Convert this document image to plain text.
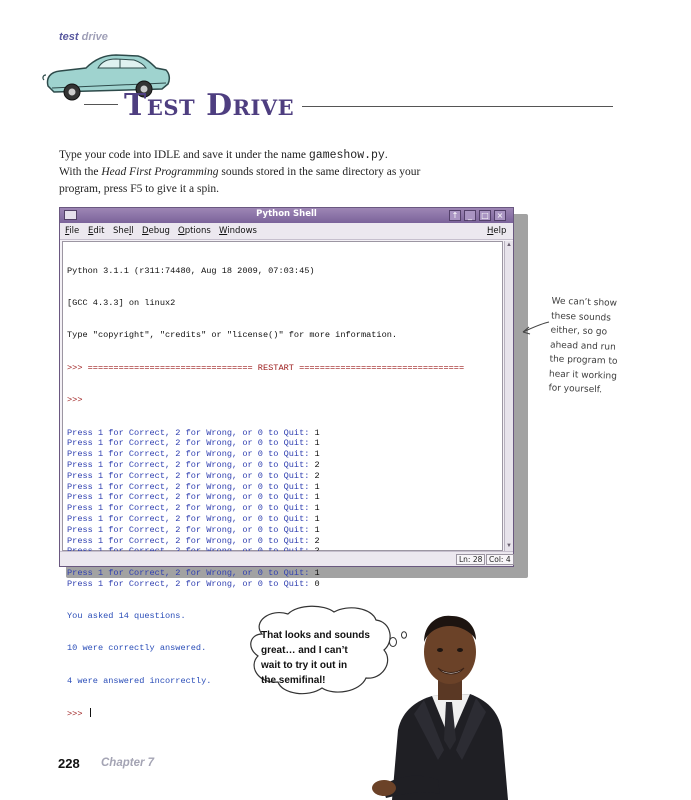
test drive
Test Drive

Type your code into IDLE and save it under the name gameshow.py.
With the Head First Programming sounds stored in the same directory as your
program, press F5 to give it a spin.

Python Shell	↑	_	□ ×
File Edit Shell Debug Options Windows	Help

Python 3.1.1 (r311:74480, Aug 18 2009, 07:03:45)

[GCC 4.3.3] on linux2

Type "copyright", "credits" or "license()" for more information.

>>> ================================ RESTART ================================

>>>

Press 1 for Correct, 2 for Wrong, or 0 to Quit: 1
Press 1 for Correct, 2 for Wrong, or 0 to Quit: 1
Press 1 for Correct, 2 for Wrong, or 0 to Quit: 1
Press 1 for Correct, 2 for Wrong, or 0 to Quit: 2
Press 1 for Correct, 2 for Wrong, or 0 to Quit: 2
Press 1 for Correct, 2 for Wrong, or 0 to Quit: 1
Press 1 for Correct, 2 for Wrong, or 0 to Quit: 1
Press 1 for Correct, 2 for Wrong, or 0 to Quit: 1
Press 1 for Correct, 2 for Wrong, or 0 to Quit: 1
Press 1 for Correct, 2 for Wrong, or 0 to Quit: 1
Press 1 for Correct, 2 for Wrong, or 0 to Quit: 2
Press 1 for Correct, 2 for Wrong, or 0 to Quit: 1
Press 1 for Correct, 2 for Wrong, or 0 to Quit: 0

You asked 14 questions.

10 were correctly answered.

4 were answered incorrectly.

>>>

▲
▼
Ln: 28 Col: 4
We can’t show
these sounds
either, so go
ahead and run
the program to
hear it working
for yourself.
That looks and sounds
great… and I can’t
wait to try it out in
the semifinal!
228 Chapter 7
